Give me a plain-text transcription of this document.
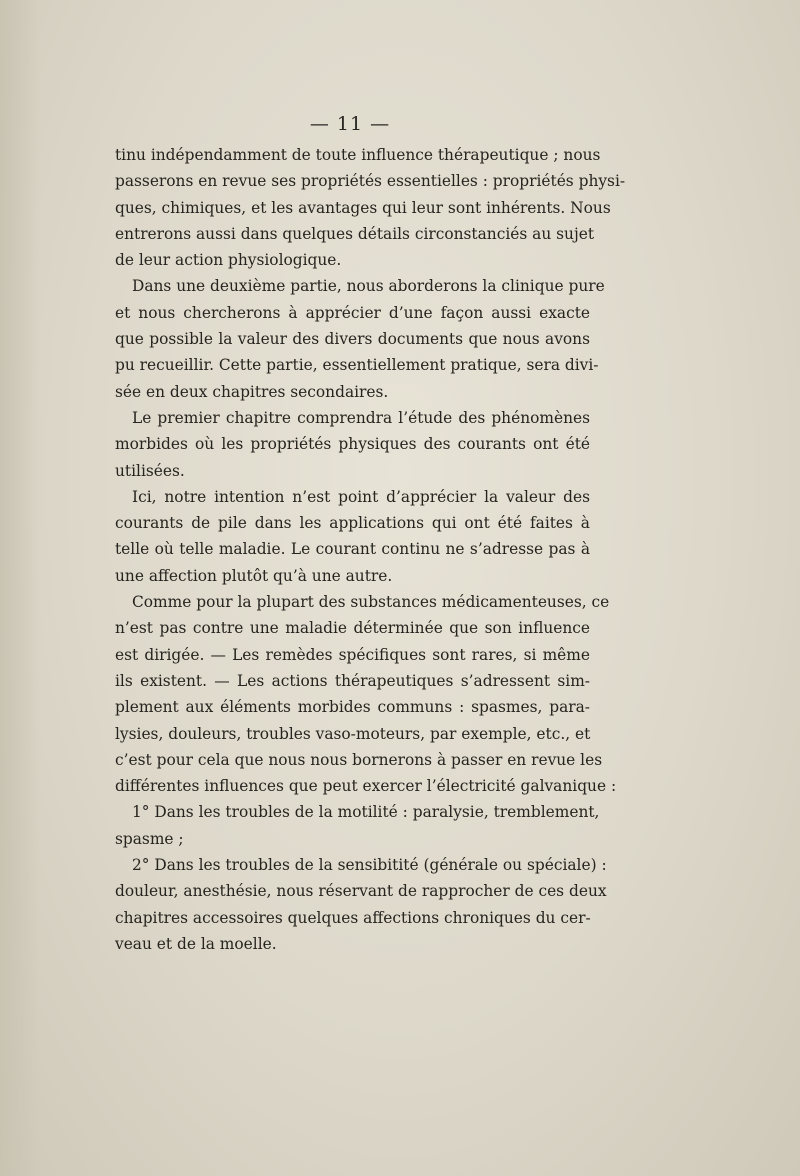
— 11 —
tinu indépendamment de toute influence thérapeutique ; nous
passerons en revue ses propriétés essentielles : propriétés physi-
ques, chimiques, et les avantages qui leur sont inhérents. Nous
entrerons aussi dans quelques détails circonstanciés au sujet
de leur action physiologique.
Dans une deuxième partie, nous aborderons la clinique pure
et nous chercherons à apprécier d’une façon aussi exacte
que possible la valeur des divers documents que nous avons
pu recueillir. Cette partie, essentiellement pratique, sera divi-
sée en deux chapitres secondaires.
Le premier chapitre comprendra l’étude des phénomènes
morbides où les propriétés physiques des courants ont été
utilisées.
Ici, notre intention n’est point d’apprécier la valeur des
courants de pile dans les applications qui ont été faites à
telle où telle maladie. Le courant continu ne s’adresse pas à
une affection plutôt qu’à une autre.
Comme pour la plupart des substances médicamenteuses, ce
n’est pas contre une maladie déterminée que son influence
est dirigée. — Les remèdes spécifiques sont rares, si même
ils existent. — Les actions thérapeutiques s’adressent sim-
plement aux éléments morbides communs : spasmes, para-
lysies, douleurs, troubles vaso-moteurs, par exemple, etc., et
c’est pour cela que nous nous bornerons à passer en revue les
différentes influences que peut exercer l’électricité galvanique :
1° Dans les troubles de la motilité : paralysie, tremblement,
spasme ;
2° Dans les troubles de la sensibitité (générale ou spéciale) :
douleur, anesthésie, nous réservant de rapprocher de ces deux
chapitres accessoires quelques affections chroniques du cer-
veau et de la moelle.
